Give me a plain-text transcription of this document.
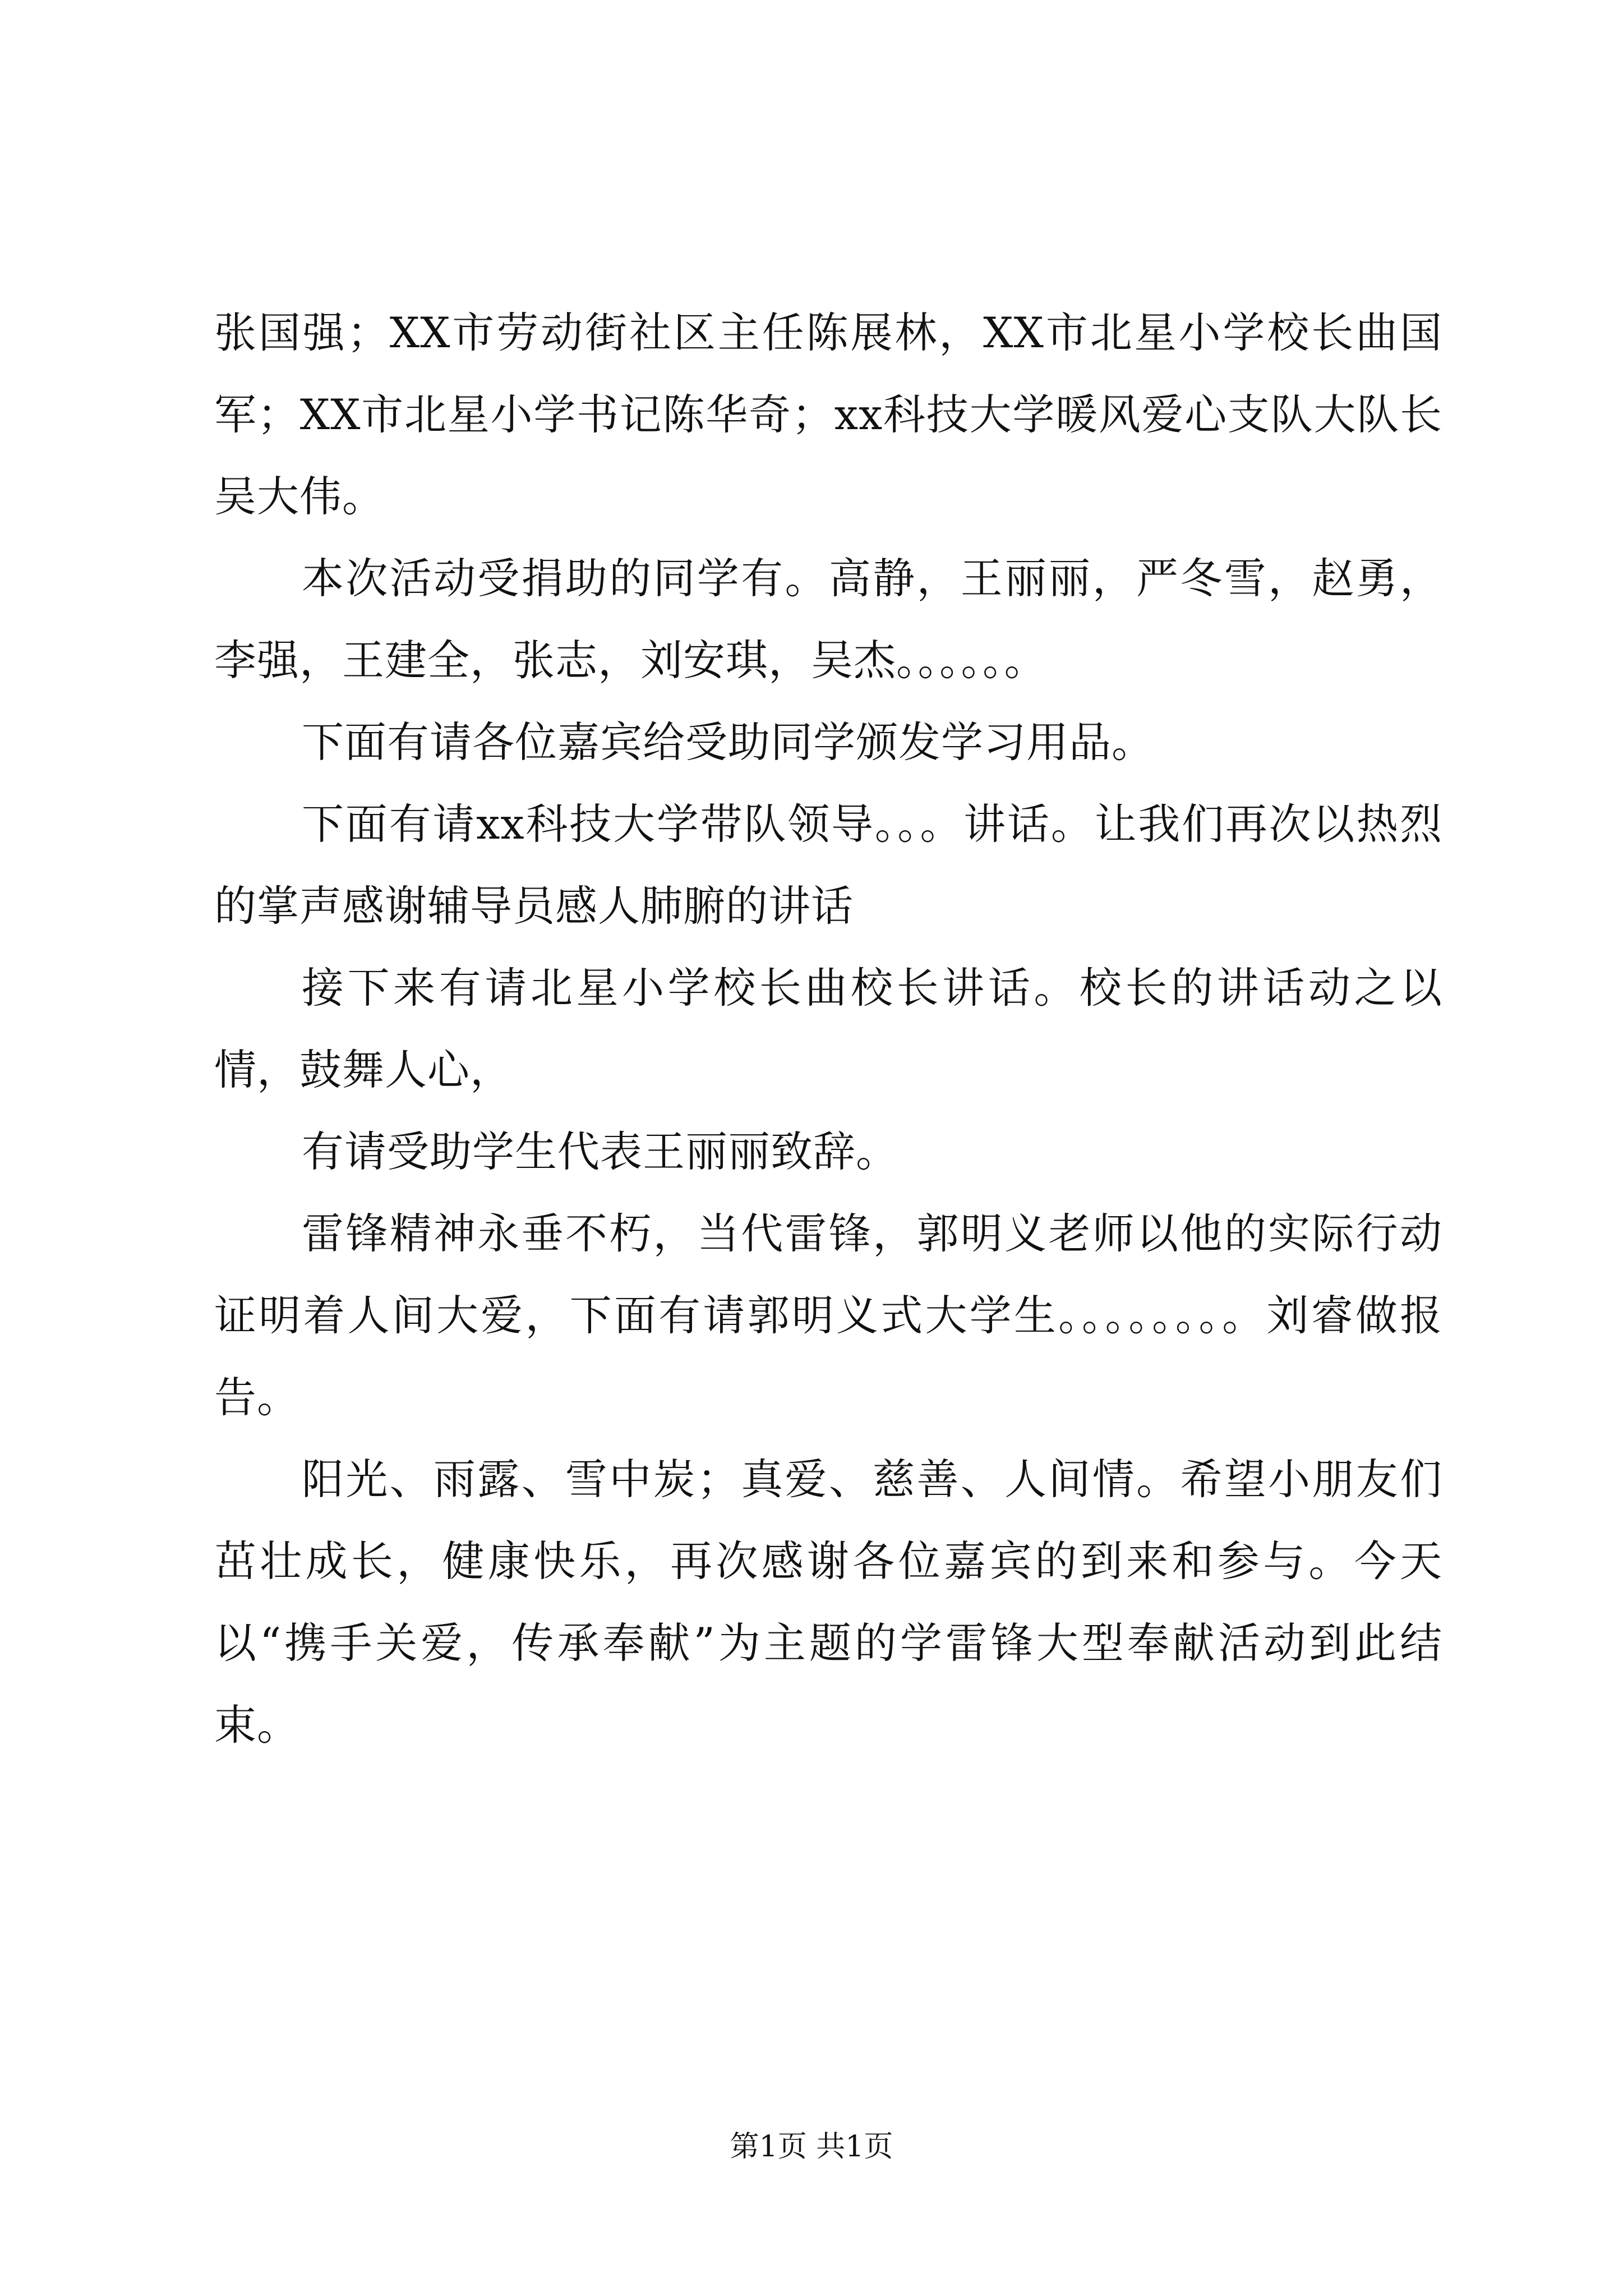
张国强；XX市劳动街社区主任陈展林，XX市北星小学校长曲国军；XX市北星小学书记陈华奇；xx科技大学暖风爱心支队大队长吴大伟。

本次活动受捐助的同学有。高静，王丽丽，严冬雪，赵勇，李强，王建全，张志，刘安琪，吴杰。。。。。。

下面有请各位嘉宾给受助同学颁发学习用品。

下面有请xx科技大学带队领导。。。讲话。让我们再次以热烈的掌声感谢辅导员感人肺腑的讲话

接下来有请北星小学校长曲校长讲话。校长的讲话动之以情，鼓舞人心，

有请受助学生代表王丽丽致辞。

雷锋精神永垂不朽，当代雷锋，郭明义老师以他的实际行动证明着人间大爱，下面有请郭明义式大学生。。。。。。。。刘睿做报告。

阳光、雨露、雪中炭；真爱、慈善、人间情。希望小朋友们茁壮成长，健康快乐，再次感谢各位嘉宾的到来和参与。今天以“携手关爱，传承奉献”为主题的学雷锋大型奉献活动到此结束。

第1页 共1页
